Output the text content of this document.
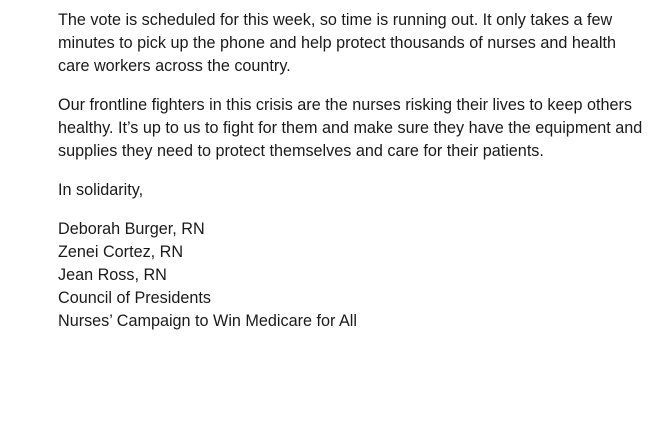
The vote is scheduled for this week, so time is running out. It only takes a few minutes to pick up the phone and help protect thousands of nurses and health care workers across the country.

Our frontline fighters in this crisis are the nurses risking their lives to keep others healthy. It’s up to us to fight for them and make sure they have the equipment and supplies they need to protect themselves and care for their patients.

In solidarity,

Deborah Burger, RN
Zenei Cortez, RN
Jean Ross, RN
Council of Presidents
Nurses’ Campaign to Win Medicare for All
